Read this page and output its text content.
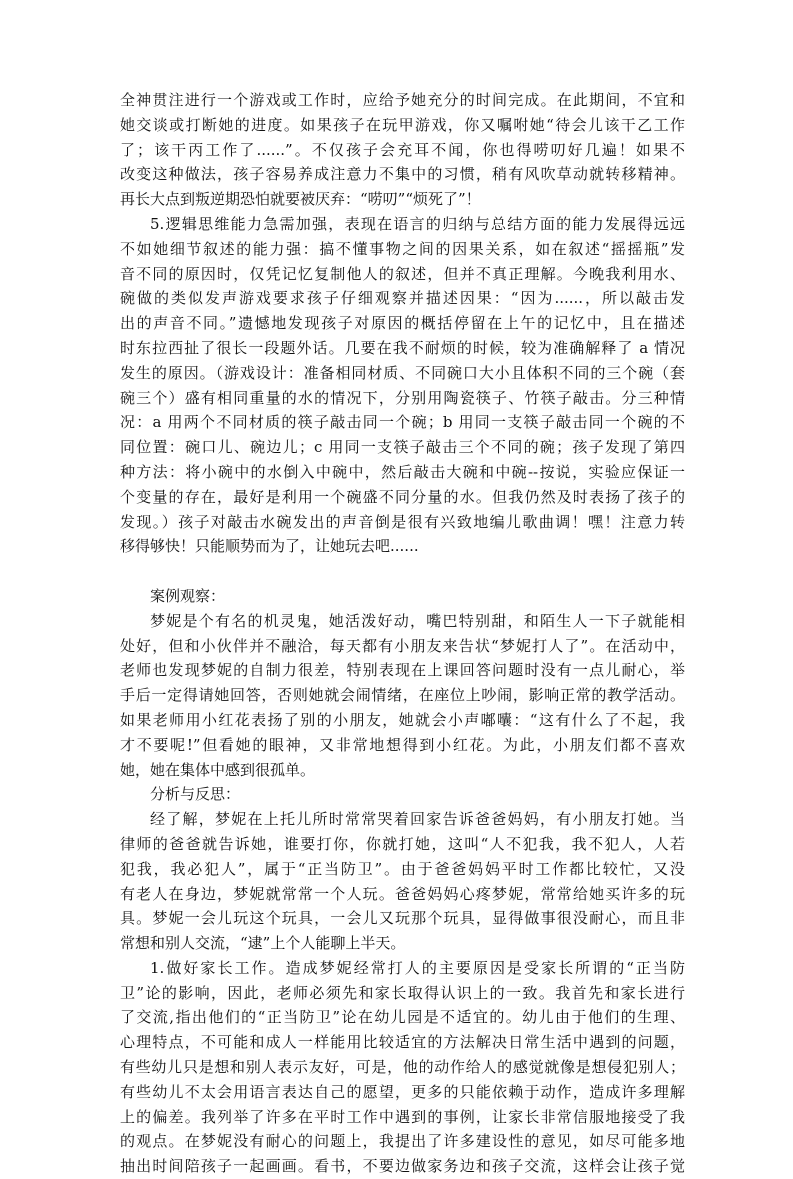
全神贯注进行一个游戏或工作时，应给予她充分的时间完成。在此期间，不宜和
她交谈或打断她的进度。如果孩子在玩甲游戏，你又嘱咐她“待会儿该干乙工作
了；该干丙工作了......”。不仅孩子会充耳不闻，你也得唠叨好几遍！如果不
改变这种做法，孩子容易养成注意力不集中的习惯，稍有风吹草动就转移精神。
再长大点到叛逆期恐怕就要被厌弃：“唠叨”“烦死了”！
5.逻辑思维能力急需加强，表现在语言的归纳与总结方面的能力发展得远远
不如她细节叙述的能力强：搞不懂事物之间的因果关系，如在叙述“摇摇瓶”发
音不同的原因时，仅凭记忆复制他人的叙述，但并不真正理解。今晚我利用水、
碗做的类似发声游戏要求孩子仔细观察并描述因果：“因为......，所以敲击发
出的声音不同。”遗憾地发现孩子对原因的概括停留在上午的记忆中，且在描述
时东拉西扯了很长一段题外话。几要在我不耐烦的时候，较为准确解释了 a 情况
发生的原因。（游戏设计：准备相同材质、不同碗口大小且体积不同的三个碗（套
碗三个）盛有相同重量的水的情况下，分别用陶瓷筷子、竹筷子敲击。分三种情
况：a 用两个不同材质的筷子敲击同一个碗；b 用同一支筷子敲击同一个碗的不
同位置：碗口儿、碗边儿；c 用同一支筷子敲击三个不同的碗；孩子发现了第四
种方法：将小碗中的水倒入中碗中，然后敲击大碗和中碗--按说，实验应保证一
个变量的存在，最好是利用一个碗盛不同分量的水。但我仍然及时表扬了孩子的
发现。）孩子对敲击水碗发出的声音倒是很有兴致地编儿歌曲调！嘿！注意力转
移得够快！只能顺势而为了，让她玩去吧......
案例观察：
梦妮是个有名的机灵鬼，她活泼好动，嘴巴特别甜，和陌生人一下子就能相
处好，但和小伙伴并不融洽，每天都有小朋友来告状“梦妮打人了”。在活动中，
老师也发现梦妮的自制力很差，特别表现在上课回答问题时没有一点儿耐心，举
手后一定得请她回答，否则她就会闹情绪，在座位上吵闹，影响正常的教学活动。
如果老师用小红花表扬了别的小朋友，她就会小声嘟囔：“这有什么了不起，我
才不要呢!”但看她的眼神，又非常地想得到小红花。为此，小朋友们都不喜欢
她，她在集体中感到很孤单。
分析与反思：
经了解，梦妮在上托儿所时常常哭着回家告诉爸爸妈妈，有小朋友打她。当
律师的爸爸就告诉她，谁要打你，你就打她，这叫“人不犯我，我不犯人，人若
犯我，我必犯人”，属于“正当防卫”。由于爸爸妈妈平时工作都比较忙，又没
有老人在身边，梦妮就常常一个人玩。爸爸妈妈心疼梦妮，常常给她买许多的玩
具。梦妮一会儿玩这个玩具，一会儿又玩那个玩具，显得做事很没耐心，而且非
常想和别人交流，“逮”上个人能聊上半天。
1.做好家长工作。造成梦妮经常打人的主要原因是受家长所谓的“正当防
卫”论的影响，因此，老师必须先和家长取得认识上的一致。我首先和家长进行
了交流,指出他们的“正当防卫”论在幼儿园是不适宜的。幼儿由于他们的生理、
心理特点，不可能和成人一样能用比较适宜的方法解决日常生活中遇到的问题，
有些幼儿只是想和别人表示友好，可是，他的动作给人的感觉就像是想侵犯别人；
有些幼儿不太会用语言表达自己的愿望，更多的只能依赖于动作，造成许多理解
上的偏差。我列举了许多在平时工作中遇到的事例，让家长非常信服地接受了我
的观点。在梦妮没有耐心的问题上，我提出了许多建设性的意见，如尽可能多地
抽出时间陪孩子一起画画。看书，不要边做家务边和孩子交流，这样会让孩子觉
